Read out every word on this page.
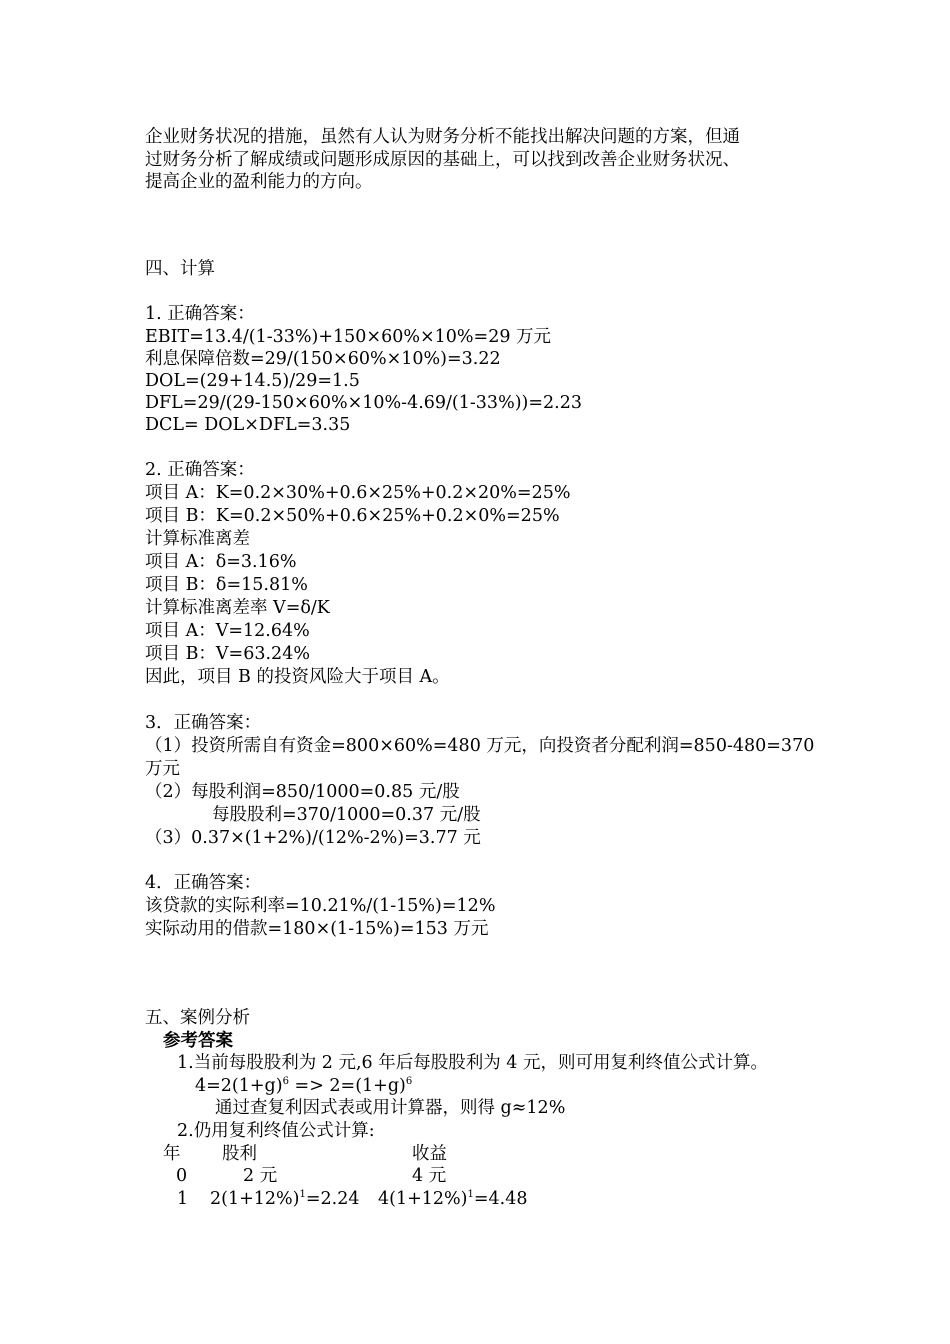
企业财务状况的措施，虽然有人认为财务分析不能找出解决问题的方案，但通
过财务分析了解成绩或问题形成原因的基础上，可以找到改善企业财务状况、
提高企业的盈利能力的方向。
四、计算
1. 正确答案：
EBIT=13.4/(1-33%)+150×60%×10%=29 万元
利息保障倍数=29/(150×60%×10%)=3.22
DOL=(29+14.5)/29=1.5
DFL=29/(29-150×60%×10%-4.69/(1-33%))=2.23
DCL= DOL×DFL=3.35
2. 正确答案：
项目 A：K=0.2×30%+0.6×25%+0.2×20%=25%
项目 B：K=0.2×50%+0.6×25%+0.2×0%=25%
计算标准离差
项目 A：δ=3.16%
项目 B：δ=15.81%
计算标准离差率 V=δ/K
项目 A：V=12.64%
项目 B：V=63.24%
因此，项目 B 的投资风险大于项目 A。
3．正确答案：
（1）投资所需自有资金=800×60%=480 万元，向投资者分配利润=850-480=370
万元
（2）每股利润=850/1000=0.85 元/股
每股股利=370/1000=0.37 元/股
（3）0.37×(1+2%)/(12%-2%)=3.77 元
4．正确答案：
该贷款的实际利率=10.21%/(1-15%)=12%
实际动用的借款=180×(1-15%)=153 万元
五、案例分析
参考答案
1.当前每股股利为 2 元,6 年后每股股利为 4 元，则可用复利终值公式计算。
$4=2(1+g)^6 => 2=(1+g)^6$
通过查复利因式表或用计算器，则得 g≈12%
2.仍用复利终值公式计算:
年 股利	收益
0	2 元	4 元
1 $2(1+12\%)^1=2.24$ $4(1+12\%)^1=4.48$
